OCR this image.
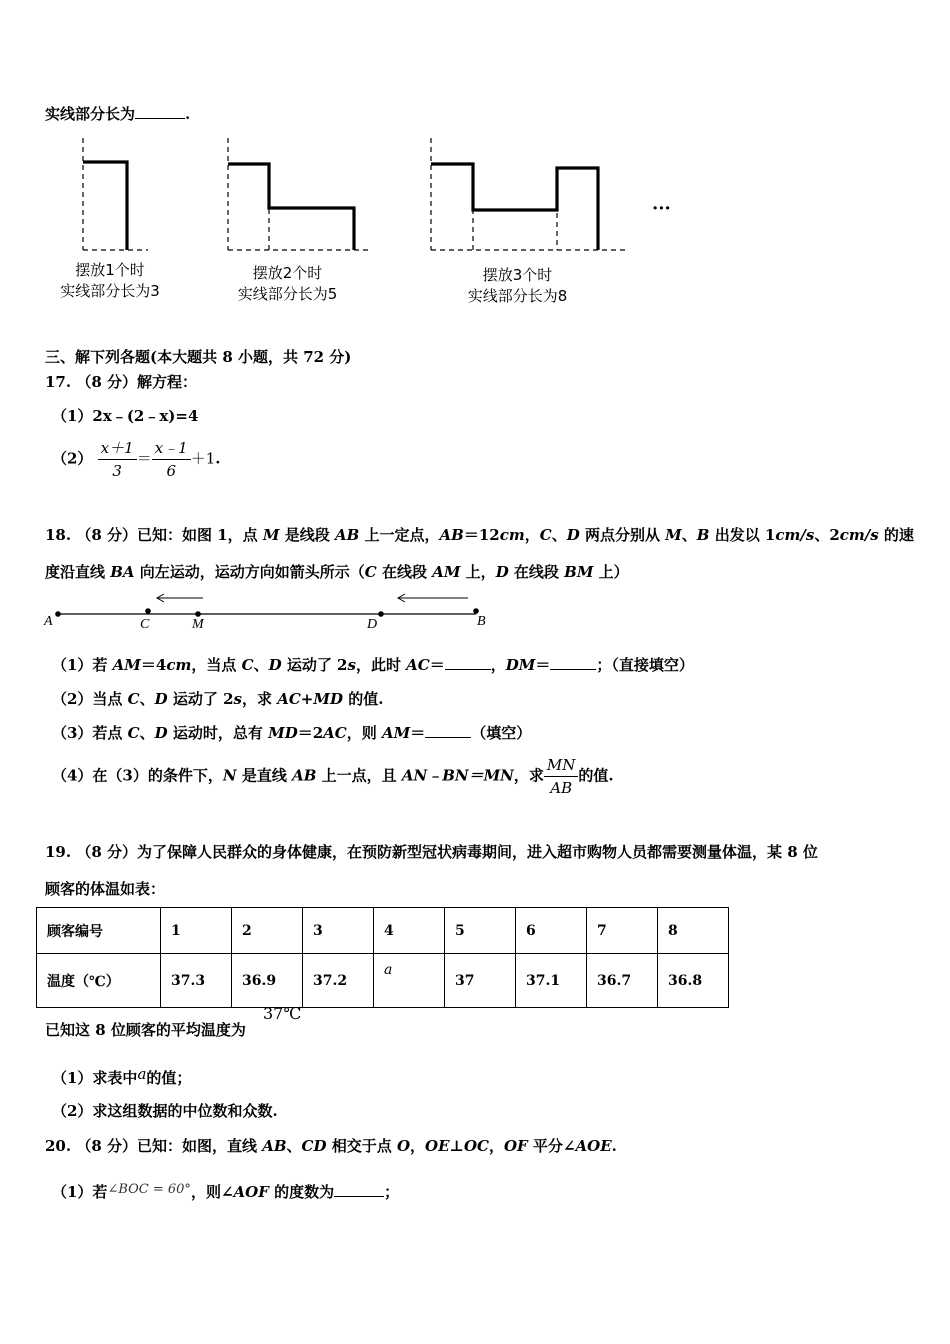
实线部分长为	.
···
摆放1个时
实线部分长为3
摆放2个时
实线部分长为5
摆放3个时
实线部分长为8
三、解下列各题(本大题共 8 小题，共 72 分)
17. （8 分）解方程：
（1）2x﹣(2﹣x)=4
$(2) \frac{x+1}{3} = \frac{x﹣1}{6} +1$.
18. （8 分）已知：如图 1，点 M 是线段 AB 上一定点，AB＝12cm，C、D 两点分别从 M、B 出发以 1cm/s、2cm/s 的速
度沿直线 BA 向左运动，运动方向如箭头所示（C 在线段 AM 上，D 在线段 BM 上）
A	C	M	D	B
（1）若 AM＝4cm，当点 C、D 运动了 2s，此时 AC＝	，DM＝	；（直接填空）
（2）当点 C、D 运动了 2s，求 AC+MD 的值.
（3）若点 C、D 运动时，总有 MD＝2AC，则 AM＝	（填空）
（4）在（3）的条件下，N 是直线 AB 上一点，且 AN﹣BN＝MN，求 $\frac{MN}{AB}$ 的值.
19. （8 分）为了保障人民群众的身体健康，在预防新型冠状病毒期间，进入超市购物人员都需要测量体温，某 8 位
顾客的体温如表：
顾客编号	1	2	3	4	5	6	7	8
温度（℃）	37.3	36.9	37.2	a	37	37.1	36.7	36.8
已知这 8 位顾客的平均温度为
37℃
（1）求表中a的值；
（2）求这组数据的中位数和众数.
20. （8 分）已知：如图，直线 AB、CD 相交于点 O，OE⊥OC，OF 平分∠AOE.
（1）若∠BOC = 60°，则∠AOF 的度数为	；
